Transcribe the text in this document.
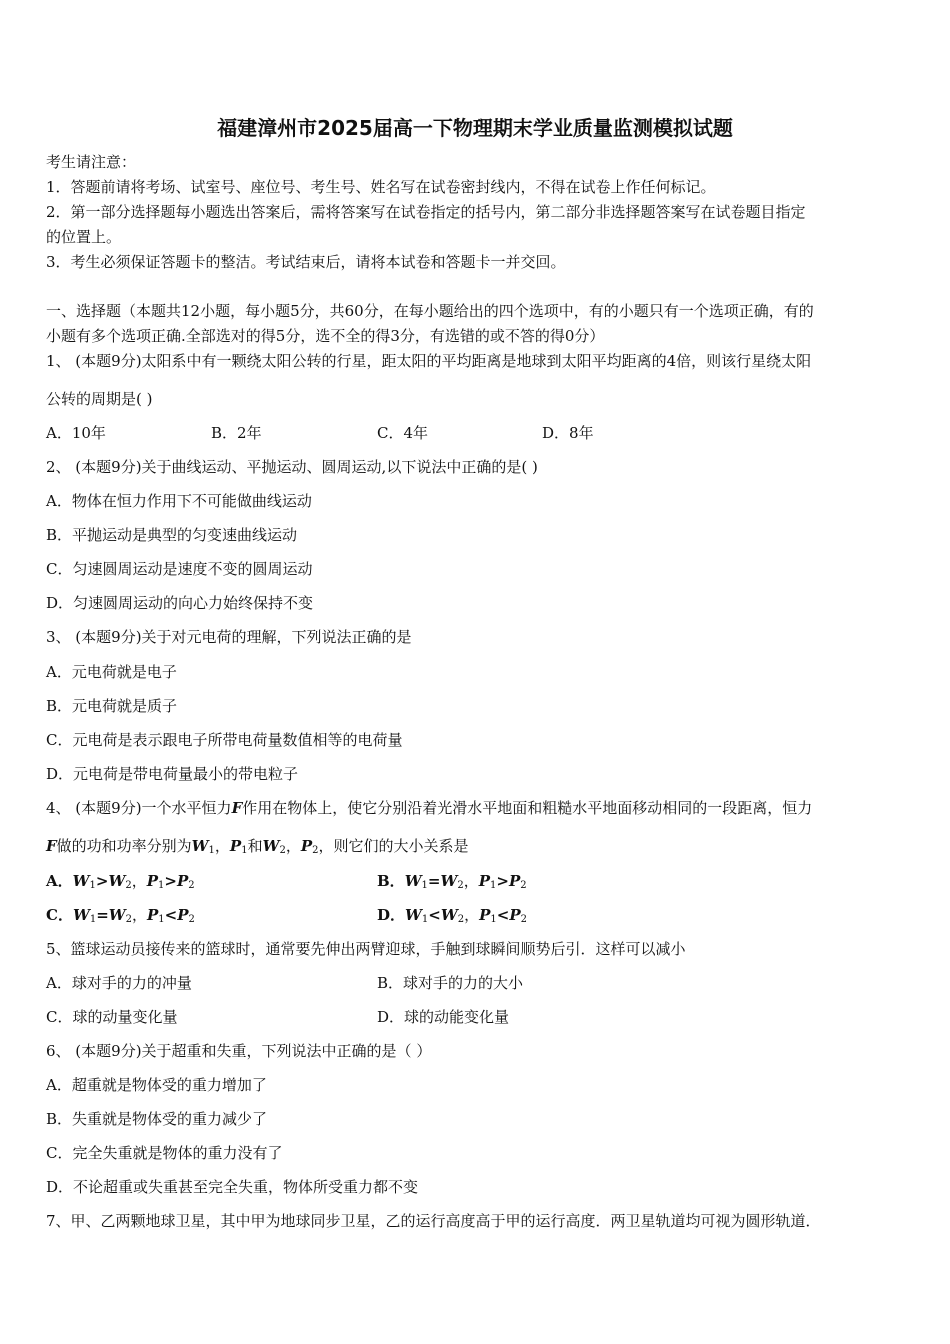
福建漳州市2025届高一下物理期末学业质量监测模拟试题
考生请注意：
1．答题前请将考场、试室号、座位号、考生号、姓名写在试卷密封线内，不得在试卷上作任何标记。
2．第一部分选择题每小题选出答案后，需将答案写在试卷指定的括号内，第二部分非选择题答案写在试卷题目指定
的位置上。
3．考生必须保证答题卡的整洁。考试结束后，请将本试卷和答题卡一并交回。
一、选择题（本题共12小题，每小题5分，共60分，在每小题给出的四个选项中，有的小题只有一个选项正确，有的
小题有多个选项正确.全部选对的得5分，选不全的得3分，有选错的或不答的得0分）
1、 (本题9分)太阳系中有一颗绕太阳公转的行星，距太阳的平均距离是地球到太阳平均距离的4倍，则该行星绕太阳
公转的周期是( )
A．10年	B．2年	C．4年	D．8年
2、 (本题9分)关于曲线运动、平抛运动、圆周运动,以下说法中正确的是( )
A．物体在恒力作用下不可能做曲线运动
B．平抛运动是典型的匀变速曲线运动
C．匀速圆周运动是速度不变的圆周运动
D．匀速圆周运动的向心力始终保持不变
3、 (本题9分)关于对元电荷的理解，下列说法正确的是
A．元电荷就是电子
B．元电荷就是质子
C．元电荷是表示跟电子所带电荷量数值相等的电荷量
D．元电荷是带电荷量最小的带电粒子
4、 (本题9分)一个水平恒力F作用在物体上，使它分别沿着光滑水平地面和粗糙水平地面移动相同的一段距离，恒力
F做的功和功率分别为$W_1$，$P_1$和$W_2$，$P_2$，则它们的大小关系是
A．$W_1>W_2$，$P_1>P_2$	B．$W_1=W_2$，$P_1>P_2$
C．$W_1=W_2$，$P_1<P_2$	D．$W_1<W_2$，$P_1<P_2$
5、篮球运动员接传来的篮球时，通常要先伸出两臂迎球，手触到球瞬间顺势后引．这样可以减小
A．球对手的力的冲量	B．球对手的力的大小
C．球的动量变化量	D．球的动能变化量
6、 (本题9分)关于超重和失重，下列说法中正确的是（ ）
A．超重就是物体受的重力增加了
B．失重就是物体受的重力减少了
C．完全失重就是物体的重力没有了
D．不论超重或失重甚至完全失重，物体所受重力都不变
7、甲、乙两颗地球卫星，其中甲为地球同步卫星，乙的运行高度高于甲的运行高度．两卫星轨道均可视为圆形轨道．
